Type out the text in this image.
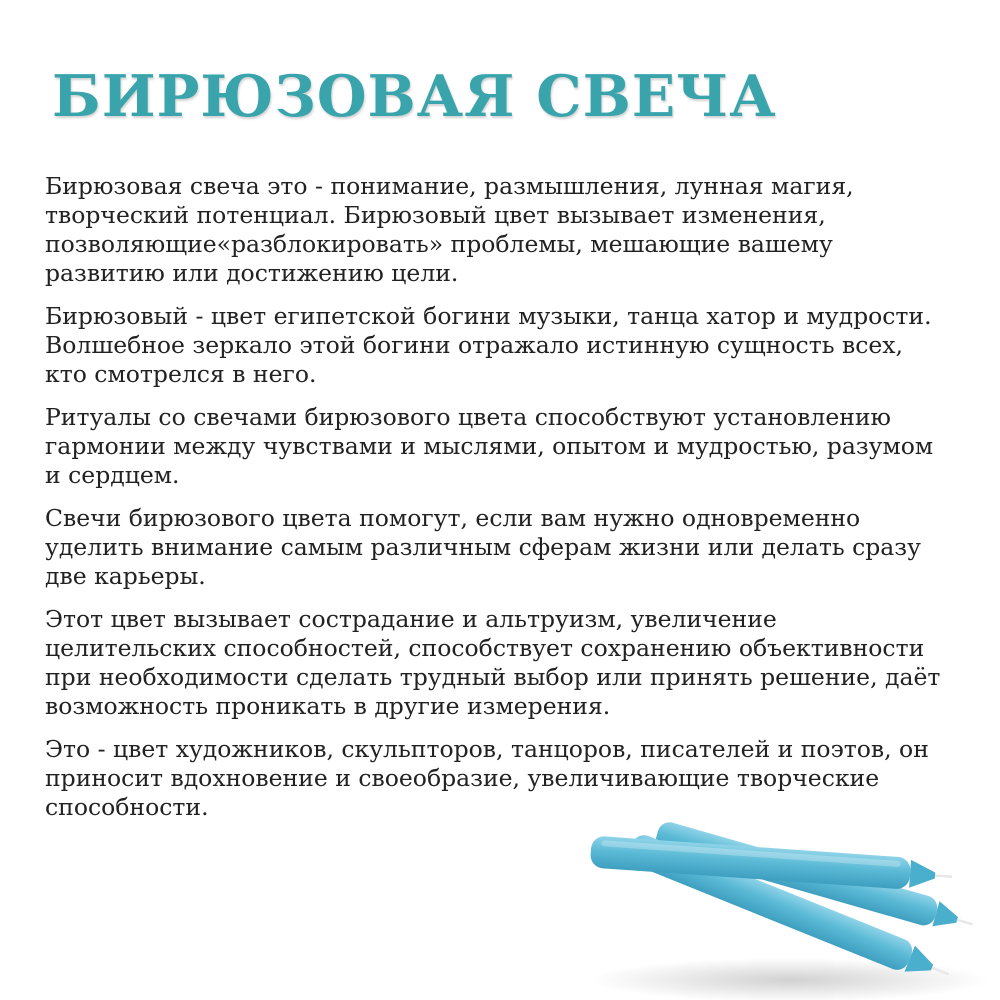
БИРЮЗОВАЯ СВЕЧА

Бирюзовая свеча это - понимание, размышления, лунная магия, творческий потенциал. Бирюзовый цвет вызывает изменения, позволяющие«разблокировать» проблемы, мешающие вашему развитию или достижению цели.

Бирюзовый - цвет египетской богини музыки, танца хатор и мудрости. Волшебное зеркало этой богини отражало истинную сущность всех, кто смотрелся в него.

Ритуалы со свечами бирюзового цвета способствуют установлению гармонии между чувствами и мыслями, опытом и мудростью, разумом и сердцем.

Свечи бирюзового цвета помогут, если вам нужно одновременно уделить внимание самым различным сферам жизни или делать сразу две карьеры.

Этот цвет вызывает сострадание и альтруизм, увеличение целительских способностей, способствует сохранению объективности при необходимости сделать трудный выбор или принять решение, даёт возможность проникать в другие измерения.

Это - цвет художников, скульпторов, танцоров, писателей и поэтов, он приносит вдохновение и своеобразие, увеличивающие творческие способности.
